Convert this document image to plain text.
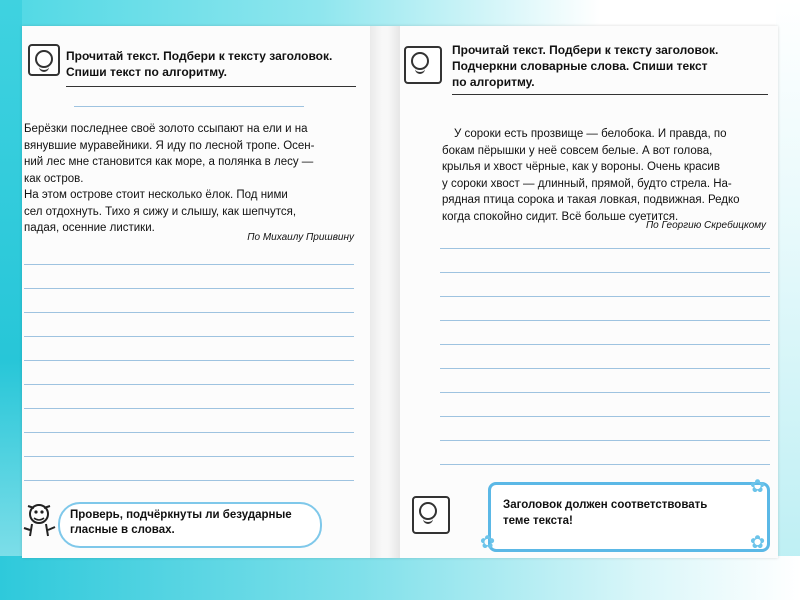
Прочитай текст. Подбери к тексту заголовок.
Спиши текст по алгоритму.

Берёзки последнее своё золото ссыпают на ели и на

вянувшие муравейники. Я иду по лесной тропе. Осен-

ний лес мне становится как море, а полянка в лесу —

как остров.

На этом острове стоит несколько ёлок. Под ними

сел отдохнуть. Тихо я сижу и слышу, как шепчутся,

падая, осенние листики.

По Михаилу Пришвину
Проверь, подчёркнуты ли безударные гласные в словах.
Прочитай текст. Подбери к тексту заголовок.
Подчеркни словарные слова. Спиши текст
по алгоритму.

У сороки есть прозвище — белобока. И правда, по

бокам пёрышки у неё совсем белые. А вот голова,

крылья и хвост чёрные, как у вороны. Очень красив

у сороки хвост — длинный, прямой, будто стрела. На-

рядная птица сорока и такая ловкая, подвижная. Редко

когда спокойно сидит. Всё больше суетится.

По Георгию Скребицкому
Заголовок должен соответствовать
теме текста!
✿
✿
✿
